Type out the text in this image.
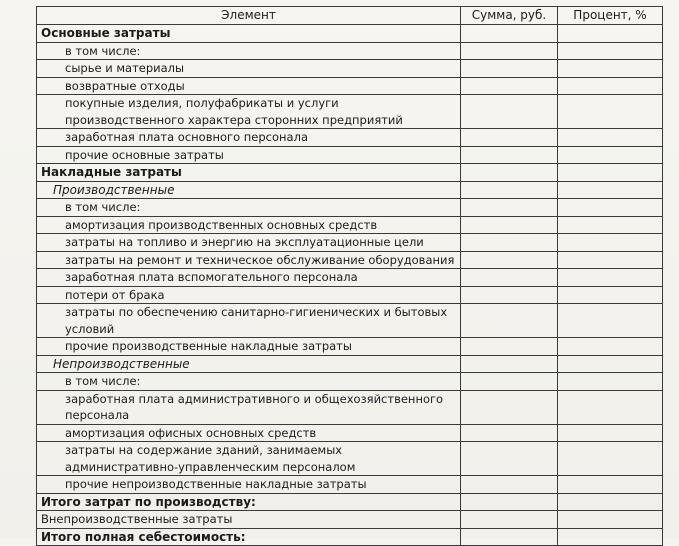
Элемент	Сумма, руб.	Процент, %
Основные затраты		
в том числе:		
сырье и материалы		
возвратные отходы		
покупные изделия, полуфабрикаты и услуги производственного характера сторонних предприятий		
заработная плата основного персонала		
прочие основные затраты		
Накладные затраты		
Производственные		
в том числе:		
амортизация производственных основных средств		
затраты на топливо и энергию на эксплуатационные цели		
затраты на ремонт и техническое обслуживание оборудования		
заработная плата вспомогательного персонала		
потери от брака		
затраты по обеспечению санитарно-гигиенических и бытовых условий		
прочие производственные накладные затраты		
Непроизводственные		
в том числе:		
заработная плата административного и общехозяйственного персонала		
амортизация офисных основных средств		
затраты на содержание зданий, занимаемых административно-управленческим персоналом		
прочие непроизводственные накладные затраты		
Итого затрат по производству:		
Внепроизводственные затраты		
Итого полная себестоимость:		
